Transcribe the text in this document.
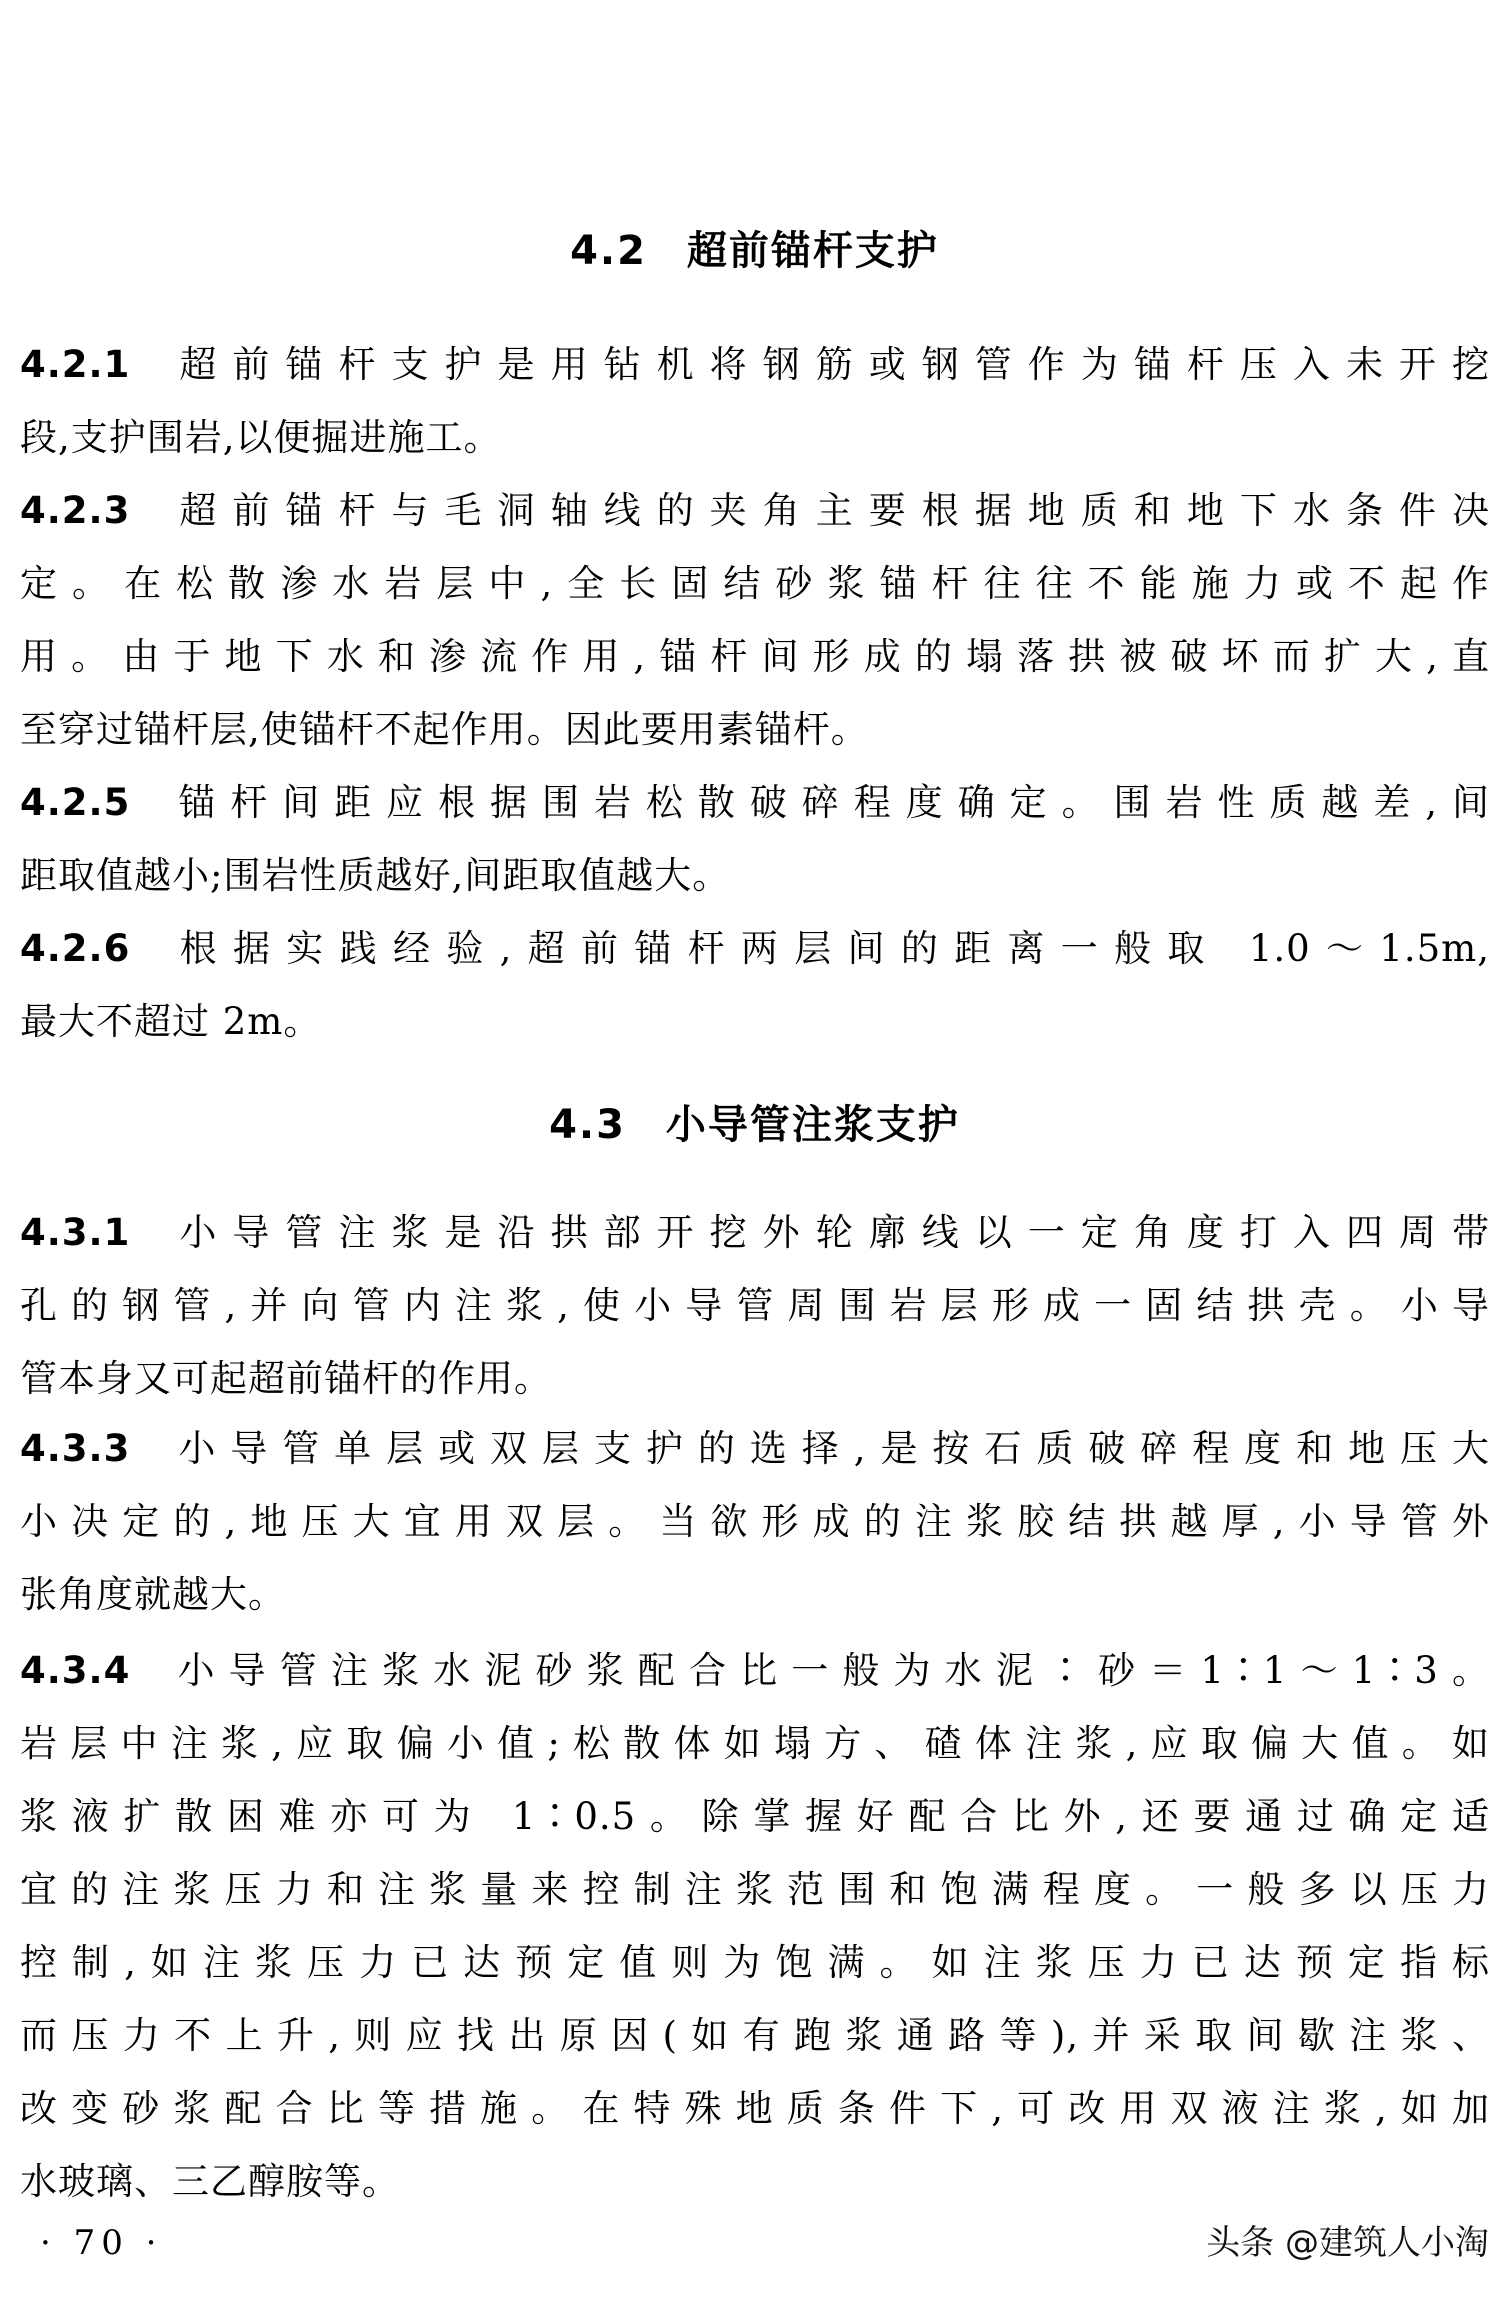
4.2 超前锚杆支护
4.2.1 超前锚杆支护是用钻机将钢筋或钢管作为锚杆压入未开挖
段,支护围岩,以便掘进施工。
4.2.3 超前锚杆与毛洞轴线的夹角主要根据地质和地下水条件决
定。在松散渗水岩层中,全长固结砂浆锚杆往往不能施力或不起作
用。由于地下水和渗流作用,锚杆间形成的塌落拱被破坏而扩大,直
至穿过锚杆层,使锚杆不起作用。因此要用素锚杆。
4.2.5 锚杆间距应根据围岩松散破碎程度确定。围岩性质越差,间
距取值越小;围岩性质越好,间距取值越大。
4.2.6 根据实践经验,超前锚杆两层间的距离一般取 1.0～1.5m,
最大不超过 2m。
4.3 小导管注浆支护
4.3.1 小导管注浆是沿拱部开挖外轮廓线以一定角度打入四周带
孔的钢管,并向管内注浆,使小导管周围岩层形成一固结拱壳。小导
管本身又可起超前锚杆的作用。
4.3.3 小导管单层或双层支护的选择,是按石质破碎程度和地压大
小决定的,地压大宜用双层。当欲形成的注浆胶结拱越厚,小导管外
张角度就越大。
4.3.4 小导管注浆水泥砂浆配合比一般为水泥∶砂＝1∶1～1∶3。
岩层中注浆,应取偏小值;松散体如塌方、碴体注浆,应取偏大值。如
浆液扩散困难亦可为 1∶0.5。除掌握好配合比外,还要通过确定适
宜的注浆压力和注浆量来控制注浆范围和饱满程度。一般多以压力
控制,如注浆压力已达预定值则为饱满。如注浆压力已达预定指标
而压力不上升,则应找出原因(如有跑浆通路等),并采取间歇注浆、
改变砂浆配合比等措施。在特殊地质条件下,可改用双液注浆,如加
水玻璃、三乙醇胺等。
· 70 ·	头条 @建筑人小淘
